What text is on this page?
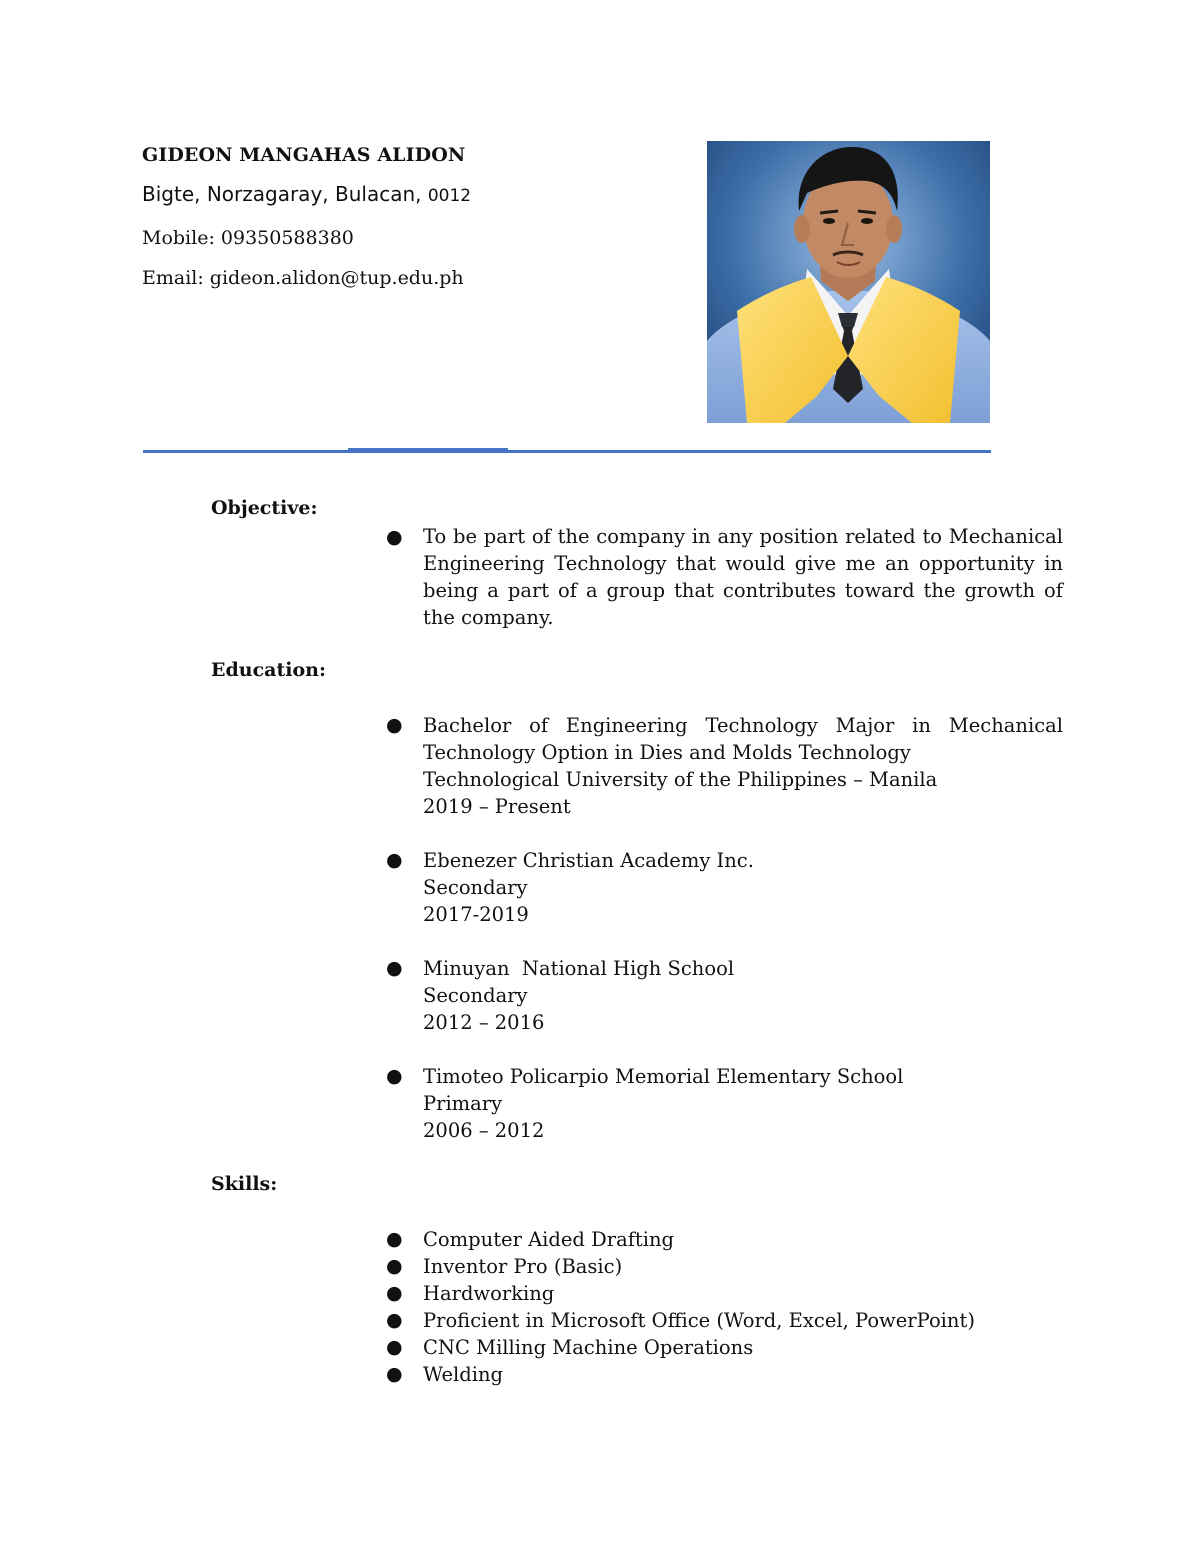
GIDEON MANGAHAS ALIDON
Bigte, Norzagaray, Bulacan, 0012
Mobile: 09350588380
Email: gideon.alidon@tup.edu.ph
Objective:
● To be part of the company in any position related to Mechanical Engineering Technology that would give me an opportunity in being a part of a group that contributes toward the growth of the company.
Education:
● Bachelor of Engineering Technology Major in Mechanical Technology Option in Dies and Molds Technology
Technological University of the Philippines – Manila
2019 – Present
● Ebenezer Christian Academy Inc.
Secondary
2017-2019
● Minuyan  National High School
Secondary
2012 – 2016
● Timoteo Policarpio Memorial Elementary School
Primary
2006 – 2012
Skills:
● Computer Aided Drafting
● Inventor Pro (Basic)
● Hardworking
● Proficient in Microsoft Office (Word, Excel, PowerPoint)
● CNC Milling Machine Operations
● Welding
